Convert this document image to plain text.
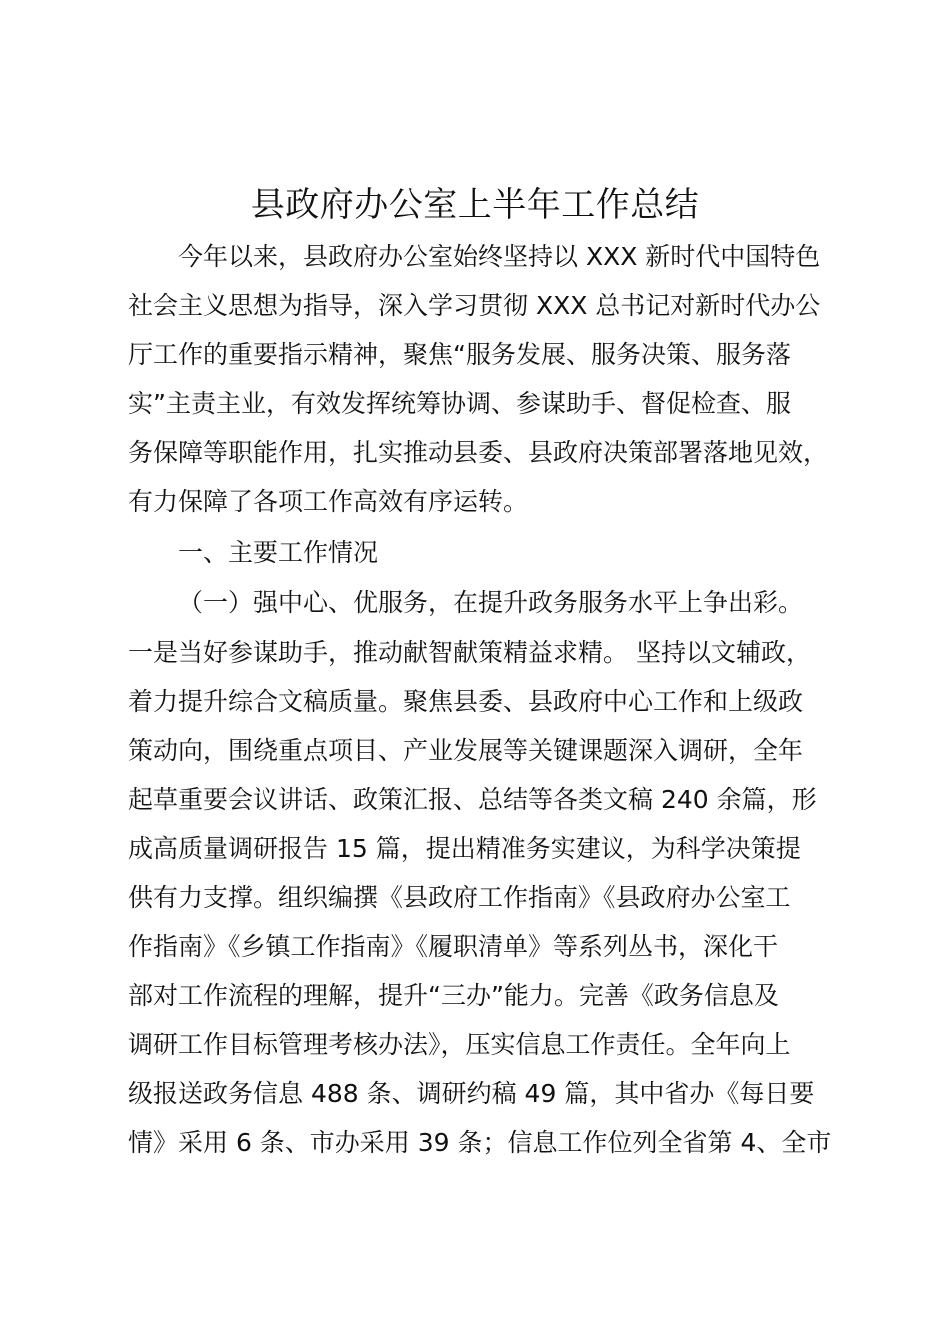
县政府办公室上半年工作总结
今年以来，县政府办公室始终坚持以 XXX 新时代中国特色
社会主义思想为指导，深入学习贯彻 XXX 总书记对新时代办公
厅工作的重要指示精神，聚焦“服务发展、服务决策、服务落
实”主责主业，有效发挥统筹协调、参谋助手、督促检查、服
务保障等职能作用，扎实推动县委、县政府决策部署落地见效，
有力保障了各项工作高效有序运转。
一、主要工作情况
（一）强中心、优服务，在提升政务服务水平上争出彩。
一是当好参谋助手，推动献智献策精益求精。 坚持以文辅政，
着力提升综合文稿质量。聚焦县委、县政府中心工作和上级政
策动向，围绕重点项目、产业发展等关键课题深入调研，全年
起草重要会议讲话、政策汇报、总结等各类文稿 240 余篇，形
成高质量调研报告 15 篇，提出精准务实建议，为科学决策提
供有力支撑。组织编撰《县政府工作指南》《县政府办公室工
作指南》《乡镇工作指南》《履职清单》等系列丛书，深化干
部对工作流程的理解，提升“三办”能力。完善《政务信息及
调研工作目标管理考核办法》，压实信息工作责任。全年向上
级报送政务信息 488 条、调研约稿 49 篇，其中省办《每日要
情》采用 6 条、市办采用 39 条；信息工作位列全省第 4、全市
